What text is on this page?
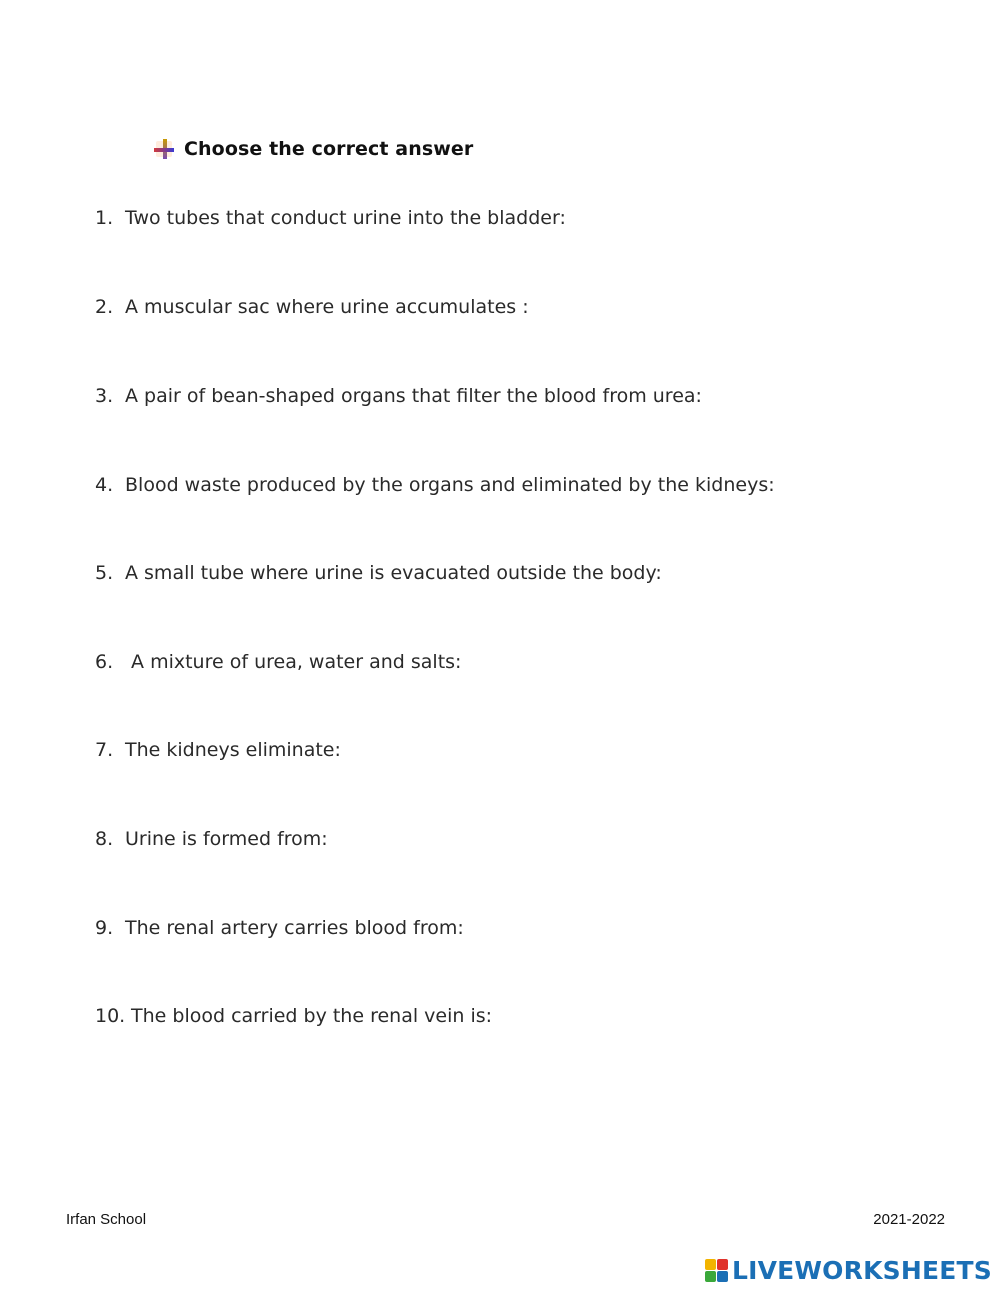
Choose the correct answer
1. Two tubes that conduct urine into the bladder:
2. A muscular sac where urine accumulates :
3. A pair of bean-shaped organs that filter the blood from urea:
4. Blood waste produced by the organs and eliminated by the kidneys:
5. A small tube where urine is evacuated outside the body:
6. A mixture of urea, water and salts:
7. The kidneys eliminate:
8. Urine is formed from:
9. The renal artery carries blood from:
10. The blood carried by the renal vein is:
Irfan School	2021-2022
LIVEWORKSHEETS
